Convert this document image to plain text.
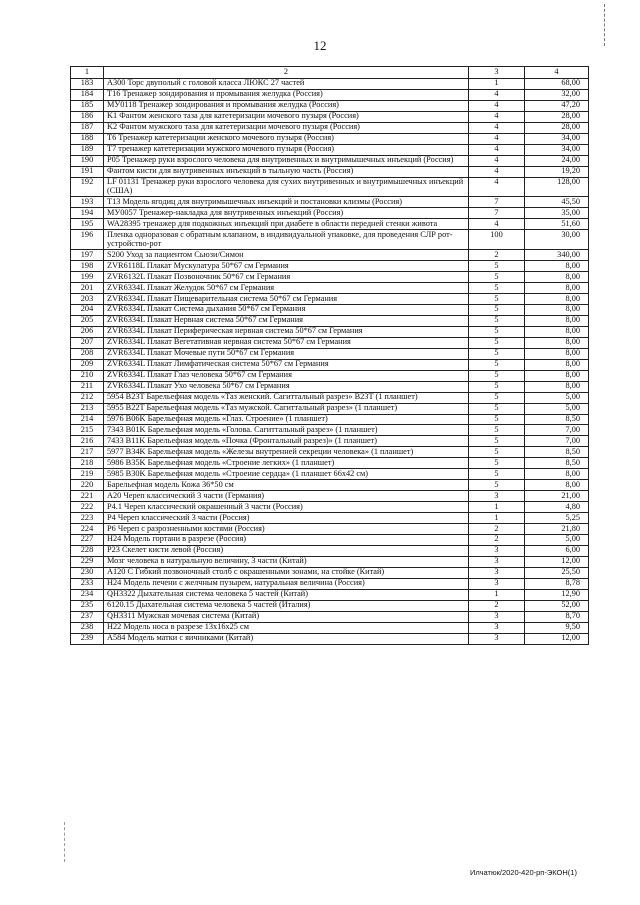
12
1	2	3	4
183	A300 Торс двуполый с головой класса ЛЮКС 27 частей	1	68,00
184	T16 Тренажер зондирования и промывания желудка (Россия)	4	32,00
185	МУ0118 Тренажер зондирования и промывания желудка (Россия)	4	47,20
186	K1 Фантом женского таза для катетеризации мочевого пузыря (Россия)	4	28,00
187	K2 Фантом мужского таза для катетеризации мочевого пузыря (Россия)	4	28,00
188	T6 Тренажер катетеризации женского мочевого пузыря (Россия)	4	34,00
189	T7 тренажер катетеризации мужского мочевого пузыря (Россия)	4	34,00
190	P05 Тренажер руки взрослого человека для внутривенных и внутримышечных инъекций (Россия)	4	24,00
191	Фантом кисти для внутривенных инъекций в тыльную часть (Россия)	4	19,20
192	LF 01131 Тренажер руки взрослого человека для сухих внутривенных и внутримышечных инъекций (США)	4	128,00
193	T13 Модель ягодиц для внутримышечных инъекций и постановки клизмы (Россия)	7	45,50
194	МУ0057 Тренажер-накладка для внутривенных инъекций (Россия)	7	35,00
195	WA28395 тренажер для подкожных инъекций при диабете в области передней стенки живота	4	51,60
196	Пленка одноразовая с обратным клапаном, в индивидуальной упаковке, для проведения СЛР рот-устройство-рот	100	30,00
197	S200 Уход за пациентом Сьюзи/Симон	2	340,00
198	ZVR6118L Плакат Мускулатура 50*67 см Германия	5	8,00
199	ZVR6132L Плакат Позвоночник 50*67 см Германия	5	8,00
201	ZVR6334L Плакат Желудок 50*67 см Германия	5	8,00
203	ZVR6334L Плакат Пищеварительная система 50*67 см Германия	5	8,00
204	ZVR6334L Плакат Система дыхания 50*67 см Германия	5	8,00
205	ZVR6334L Плакат Нервная система 50*67 см Германия	5	8,00
206	ZVR6334L Плакат Периферическая нервная система 50*67 см Германия	5	8,00
207	ZVR6334L Плакат Вегетативная нервная система 50*67 см Германия	5	8,00
208	ZVR6334L Плакат Мочевые пути 50*67 см Германия	5	8,00
209	ZVR6334L Плакат Лимфатическая система 50*67 см Германия	5	8,00
210	ZVR6334L Плакат Глаз человека 50*67 см Германия	5	8,00
211	ZVR6334L Плакат Ухо человека 50*67 см Германия	5	8,00
212	5954 B23T Барельефная модель «Таз женский. Сагиттальный разрез» B23T (1 планшет)	5	5,00
213	5955 B22T Барельефная модель «Таз мужской. Сагиттальный разрез» (1 планшет)	5	5,00
214	5976 B06K Барельефная модель «Глаз. Строение» (1 планшет)	5	8,50
215	7343 B01K Барельефная модель «Голова. Сагиттальный разрез» (1 планшет)	5	7,00
216	7433 B11K Барельефная модель «Почка (Фронтальный разрез)» (1 планшет)	5	7,00
217	5977 B34K Барельефная модель «Железы внутренней секреции человека» (1 планшет)	5	8,50
218	5986 B35K Барельефная модель «Строение легких» (1 планшет)	5	8,50
219	5985 B30K Барельефная модель «Строение сердца» (1 планшет 66х42 см)	5	8,00
220	Барельефная модель Кожа 36*50 см	5	8,00
221	A20 Череп классический 3 части (Германия)	3	21,00
222	P4.1 Череп классический окрашенный 3 части (Россия)	1	4,80
223	P4 Череп классический 3 части (Россия)	1	5,25
224	P6 Череп с разрозненными костями (Россия)	2	21,80
227	H24 Модель гортани в разрезе (Россия)	2	5,00
228	P23 Скелет кисти левой (Россия)	3	6,00
229	Мозг человека в натуральную величину, 3 части (Китай)	3	12,00
230	A120 C Гибкий позвоночный столб с окрашенными зонами, на стойке (Китай)	3	25,50
233	H24 Модель печени с желчным пузырем, натуральная величина (Россия)	3	8,78
234	QH3322 Дыхательная система человека 5 частей (Китай)	1	12,90
235	6120.15 Дыхательная система человека 5 частей (Италия)	2	52,00
237	QH3311 Мужская мочевая система (Китай)	3	8,70
238	H22 Модель носа в разрезе 13х16х25 см	3	9,50
239	A584 Модель матки с яичниками (Китай)	3	12,00
Илчатюк/2020-420-рп-ЭКОН(1)
